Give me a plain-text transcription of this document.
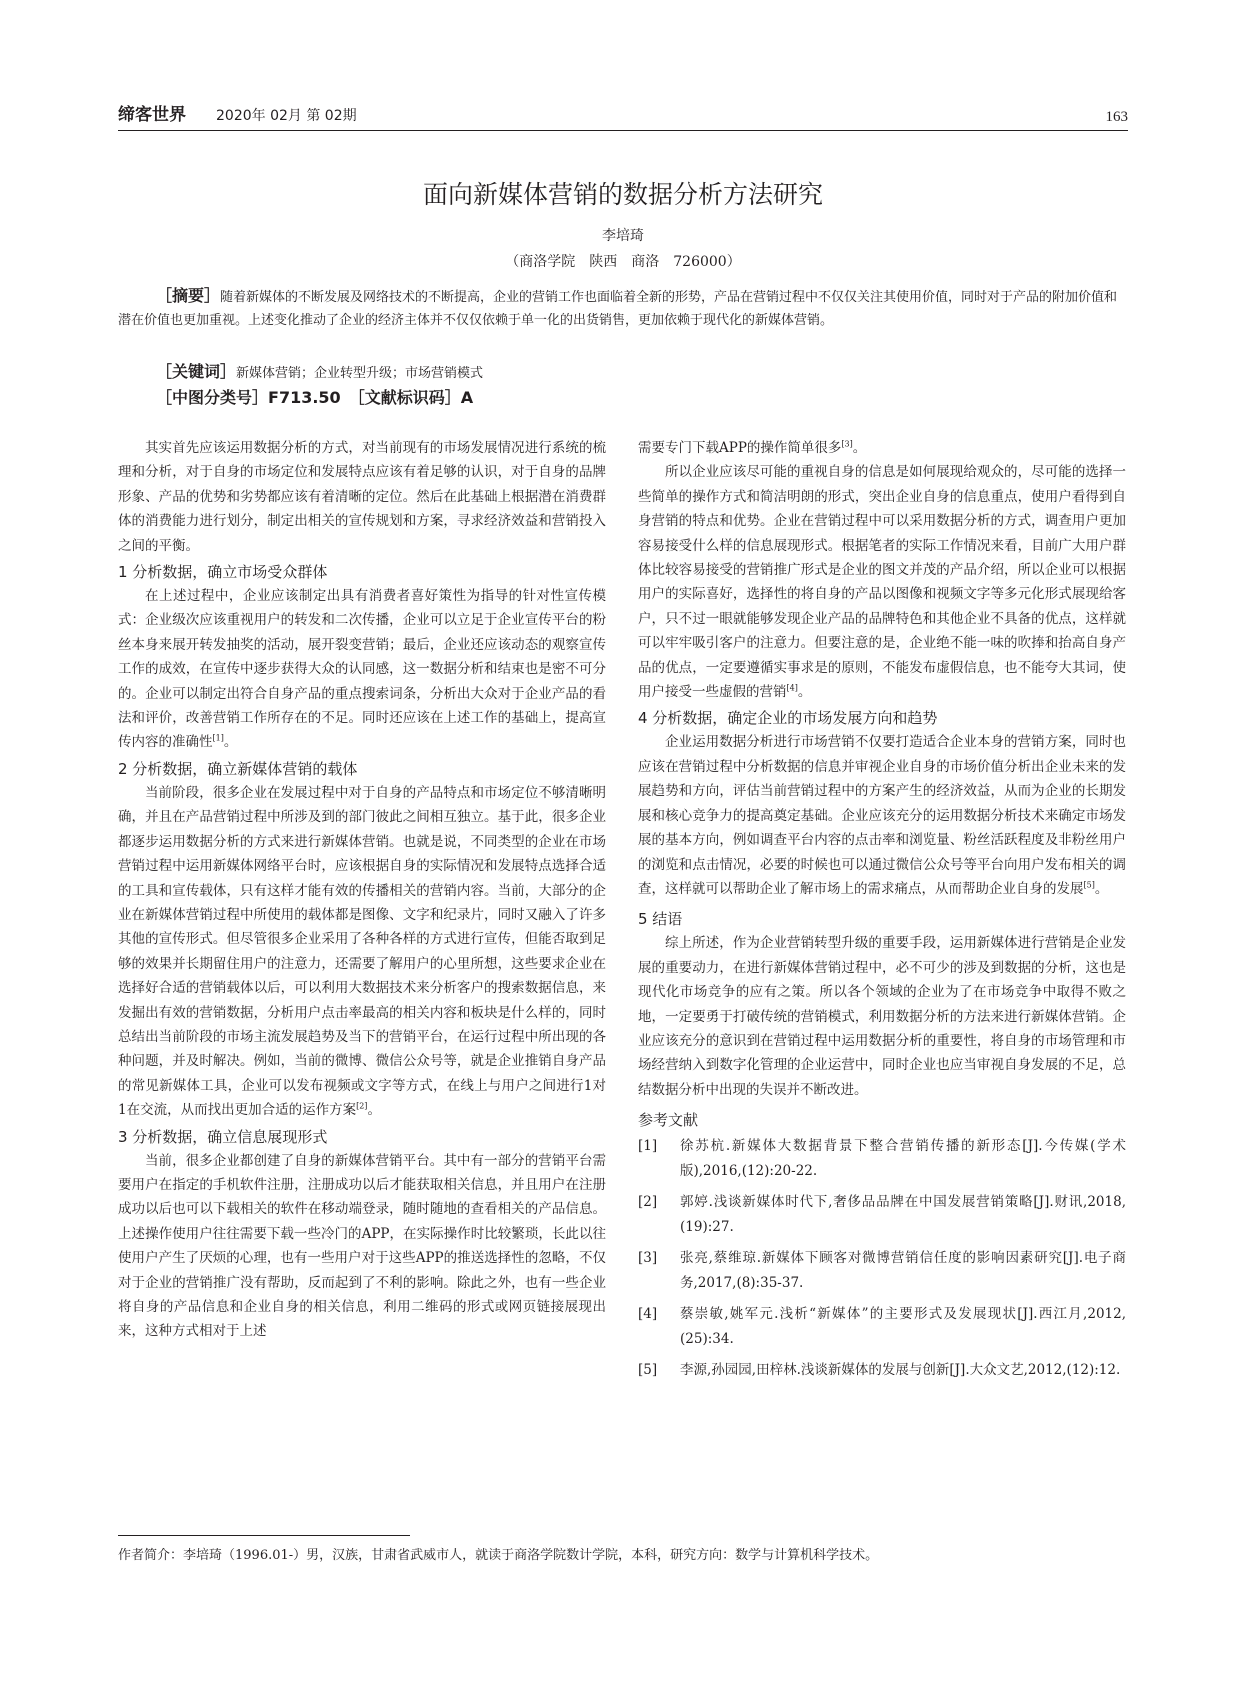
缔客世界 2020年 02月 第 02期	163
面向新媒体营销的数据分析方法研究
李培琦
（商洛学院　陕西　商洛　726000）
［摘要］随着新媒体的不断发展及网络技术的不断提高，企业的营销工作也面临着全新的形势，产品在营销过程中不仅仅关注其使用价值，同时对于产品的附加价值和潜在价值也更加重视。上述变化推动了企业的经济主体并不仅仅依赖于单一化的出货销售，更加依赖于现代化的新媒体营销。
［关键词］新媒体营销；企业转型升级；市场营销模式
［中图分类号］F713.50　 ［文献标识码］A

其实首先应该运用数据分析的方式，对当前现有的市场发展情况进行系统的梳理和分析，对于自身的市场定位和发展特点应该有着足够的认识，对于自身的品牌形象、产品的优势和劣势都应该有着清晰的定位。然后在此基础上根据潜在消费群体的消费能力进行划分，制定出相关的宣传规划和方案，寻求经济效益和营销投入之间的平衡。

1 分析数据，确立市场受众群体

在上述过程中，企业应该制定出具有消费者喜好策性为指导的针对性宣传模式：企业级次应该重视用户的转发和二次传播，企业可以立足于企业宣传平台的粉丝本身来展开转发抽奖的活动，展开裂变营销；最后，企业还应该动态的观察宣传工作的成效，在宣传中逐步获得大众的认同感，这一数据分析和结束也是密不可分的。企业可以制定出符合自身产品的重点搜索词条，分析出大众对于企业产品的看法和评价，改善营销工作所存在的不足。同时还应该在上述工作的基础上，提高宣传内容的准确性[1]。

2 分析数据，确立新媒体营销的载体

当前阶段，很多企业在发展过程中对于自身的产品特点和市场定位不够清晰明确，并且在产品营销过程中所涉及到的部门彼此之间相互独立。基于此，很多企业都逐步运用数据分析的方式来进行新媒体营销。也就是说，不同类型的企业在市场营销过程中运用新媒体网络平台时，应该根据自身的实际情况和发展特点选择合适的工具和宣传载体，只有这样才能有效的传播相关的营销内容。当前，大部分的企业在新媒体营销过程中所使用的载体都是图像、文字和纪录片，同时又融入了许多其他的宣传形式。但尽管很多企业采用了各种各样的方式进行宣传，但能否取到足够的效果并长期留住用户的注意力，还需要了解用户的心里所想，这些要求企业在选择好合适的营销载体以后，可以利用大数据技术来分析客户的搜索数据信息，来发掘出有效的营销数据，分析用户点击率最高的相关内容和板块是什么样的，同时总结出当前阶段的市场主流发展趋势及当下的营销平台，在运行过程中所出现的各种问题，并及时解决。例如，当前的微博、微信公众号等，就是企业推销自身产品的常见新媒体工具，企业可以发布视频或文字等方式，在线上与用户之间进行1对1在交流，从而找出更加合适的运作方案[2]。

3 分析数据，确立信息展现形式

当前，很多企业都创建了自身的新媒体营销平台。其中有一部分的营销平台需要用户在指定的手机软件注册，注册成功以后才能获取相关信息，并且用户在注册成功以后也可以下载相关的软件在移动端登录，随时随地的查看相关的产品信息。上述操作使用户往往需要下载一些冷门的APP，在实际操作时比较繁琐，长此以往使用户产生了厌烦的心理，也有一些用户对于这些APP的推送选择性的忽略，不仅对于企业的营销推广没有帮助，反而起到了不利的影响。除此之外，也有一些企业将自身的产品信息和企业自身的相关信息，利用二维码的形式或网页链接展现出来，这种方式相对于上述

需要专门下载APP的操作简单很多[3]。

所以企业应该尽可能的重视自身的信息是如何展现给观众的，尽可能的选择一些简单的操作方式和简洁明朗的形式，突出企业自身的信息重点，使用户看得到自身营销的特点和优势。企业在营销过程中可以采用数据分析的方式，调查用户更加容易接受什么样的信息展现形式。根据笔者的实际工作情况来看，目前广大用户群体比较容易接受的营销推广形式是企业的图文并茂的产品介绍，所以企业可以根据用户的实际喜好，选择性的将自身的产品以图像和视频文字等多元化形式展现给客户，只不过一眼就能够发现企业产品的品牌特色和其他企业不具备的优点，这样就可以牢牢吸引客户的注意力。但要注意的是，企业绝不能一味的吹捧和抬高自身产品的优点，一定要遵循实事求是的原则，不能发布虚假信息，也不能夸大其词，使用户接受一些虚假的营销[4]。

4 分析数据，确定企业的市场发展方向和趋势

企业运用数据分析进行市场营销不仅要打造适合企业本身的营销方案，同时也应该在营销过程中分析数据的信息并审视企业自身的市场价值分析出企业未来的发展趋势和方向，评估当前营销过程中的方案产生的经济效益，从而为企业的长期发展和核心竞争力的提高奠定基础。企业应该充分的运用数据分析技术来确定市场发展的基本方向，例如调查平台内容的点击率和浏览量、粉丝活跃程度及非粉丝用户的浏览和点击情况，必要的时候也可以通过微信公众号等平台向用户发布相关的调查，这样就可以帮助企业了解市场上的需求痛点，从而帮助企业自身的发展[5]。

5 结语

综上所述，作为企业营销转型升级的重要手段，运用新媒体进行营销是企业发展的重要动力，在进行新媒体营销过程中，必不可少的涉及到数据的分析，这也是现代化市场竞争的应有之策。所以各个领域的企业为了在市场竞争中取得不败之地，一定要勇于打破传统的营销模式，利用数据分析的方法来进行新媒体营销。企业应该充分的意识到在营销过程中运用数据分析的重要性，将自身的市场管理和市场经营纳入到数字化管理的企业运营中，同时企业也应当审视自身发展的不足，总结数据分析中出现的失误并不断改进。

参考文献
[1]	徐苏杭.新媒体大数据背景下整合营销传播的新形态[J].今传媒(学术版),2016,(12):20-22.
[2]	郭婷.浅谈新媒体时代下,奢侈品品牌在中国发展营销策略[J].财讯,2018,(19):27.
[3]	张亮,蔡维琼.新媒体下顾客对微博营销信任度的影响因素研究[J].电子商务,2017,(8):35-37.
[4]	蔡崇敏,姚军元.浅析“新媒体”的主要形式及发展现状[J].西江月,2012,(25):34.
[5]	李源,孙园园,田梓林.浅谈新媒体的发展与创新[J].大众文艺,2012,(12):12.
作者简介：李培琦（1996.01-）男，汉族，甘肃省武威市人，就读于商洛学院数计学院，本科，研究方向：数学与计算机科学技术。
